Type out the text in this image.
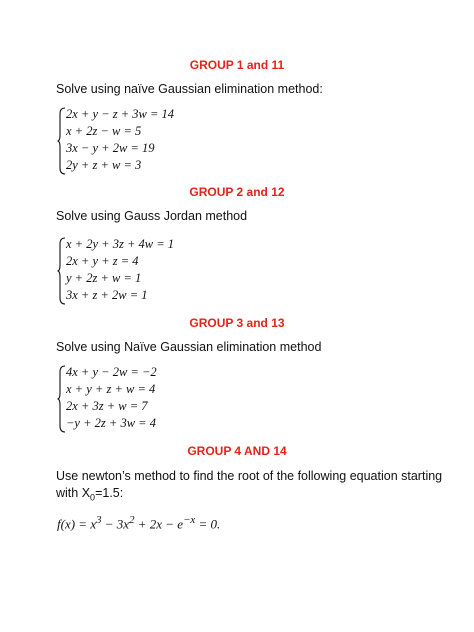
GROUP 1 and 11
Solve using naïve Gaussian elimination method:
2x + y − z + 3w = 14
x + 2z − w = 5
3x − y + 2w = 19
2y + z + w = 3
GROUP 2 and 12
Solve using Gauss Jordan method
x + 2y + 3z + 4w = 1
2x + y + z = 4
y + 2z + w = 1
3x + z + 2w = 1
GROUP 3 and 13
Solve using Naïve Gaussian elimination method
4x + y − 2w = −2
x + y + z + w = 4
2x + 3z + w = 7
−y + 2z + 3w = 4
GROUP 4 AND 14
Use newton’s method to find the root of the following equation starting
with $X_0=1.5$:
$f(x) = x^3 - 3x^2 + 2x - e^{-x} = 0$.
